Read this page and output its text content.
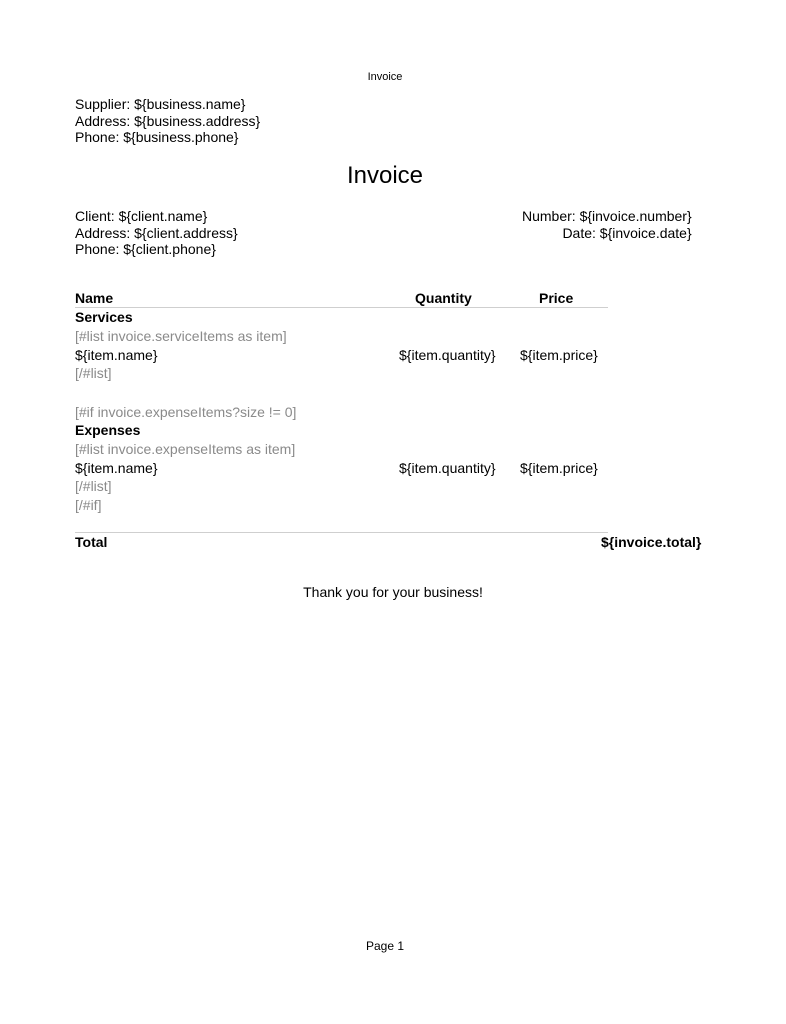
Invoice
Supplier: ${business.name}
Address: ${business.address}
Phone: ${business.phone}
Invoice
Client: ${client.name}
Address: ${client.address}
Phone: ${client.phone}
Number: ${invoice.number}
Date: ${invoice.date}
Name	Quantity	Price
Services
[#list invoice.serviceItems as item]
${item.name}	${item.quantity} ${item.price}
[/#list]
[#if invoice.expenseItems?size != 0]
Expenses
[#list invoice.expenseItems as item]
${item.name}	${item.quantity} ${item.price}
[/#list]
[/#if]
Total	${invoice.total}
Thank you for your business!
Page 1
